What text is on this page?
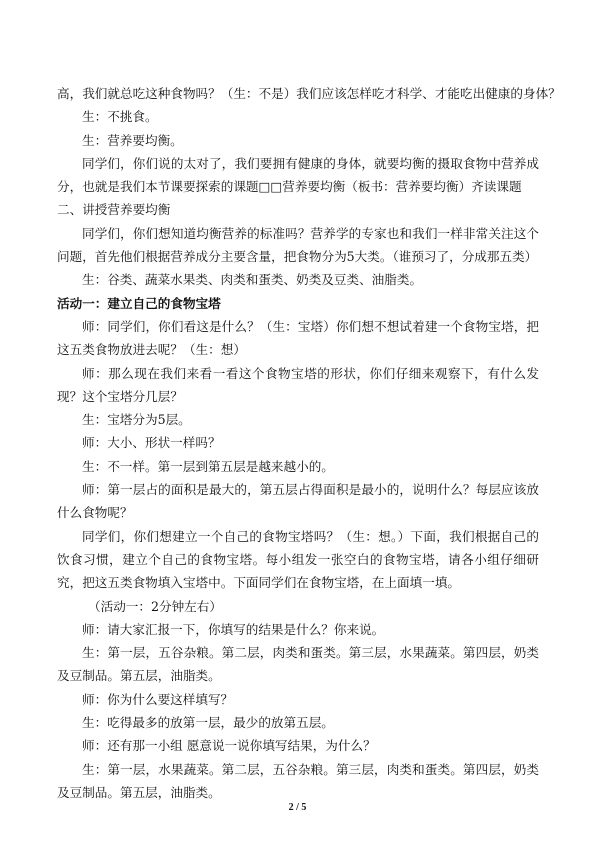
高，我们就总吃这种食物吗？（生：不是）我们应该怎样吃才科学、才能吃出健康的身体？

生：不挑食。

生：营养要均衡。

同学们，你们说的太对了，我们要拥有健康的身体，就要均衡的摄取食物中营养成分，也就是我们本节课要探索的课题□□营养要均衡（板书：营养要均衡）齐读课题

二、讲授营养要均衡

同学们，你们想知道均衡营养的标准吗？营养学的专家也和我们一样非常关注这个问题，首先他们根据营养成分主要含量，把食物分为5大类。（谁预习了，分成那五类）

生：谷类、蔬菜水果类、肉类和蛋类、奶类及豆类、油脂类。

活动一：建立自己的食物宝塔

师：同学们，你们看这是什么？（生：宝塔）你们想不想试着建一个食物宝塔，把这五类食物放进去呢？（生：想）

师：那么现在我们来看一看这个食物宝塔的形状，你们仔细来观察下，有什么发现？这个宝塔分几层？

生：宝塔分为5层。

师：大小、形状一样吗？

生：不一样。第一层到第五层是越来越小的。

师：第一层占的面积是最大的，第五层占得面积是最小的，说明什么？每层应该放什么食物呢？

同学们，你们想建立一个自己的食物宝塔吗？（生：想。）下面，我们根据自己的饮食习惯，建立个自己的食物宝塔。每小组发一张空白的食物宝塔，请各小组仔细研究，把这五类食物填入宝塔中。下面同学们在食物宝塔，在上面填一填。

（活动一：2分钟左右）

师：请大家汇报一下，你填写的结果是什么？你来说。

生：第一层，五谷杂粮。第二层，肉类和蛋类。第三层，水果蔬菜。第四层，奶类及豆制品。第五层，油脂类。

师：你为什么要这样填写？

生：吃得最多的放第一层，最少的放第五层。

师：还有那一小组 愿意说一说你填写结果，为什么？

生：第一层，水果蔬菜。第二层，五谷杂粮。第三层，肉类和蛋类。第四层，奶类及豆制品。第五层，油脂类。

2 / 5
